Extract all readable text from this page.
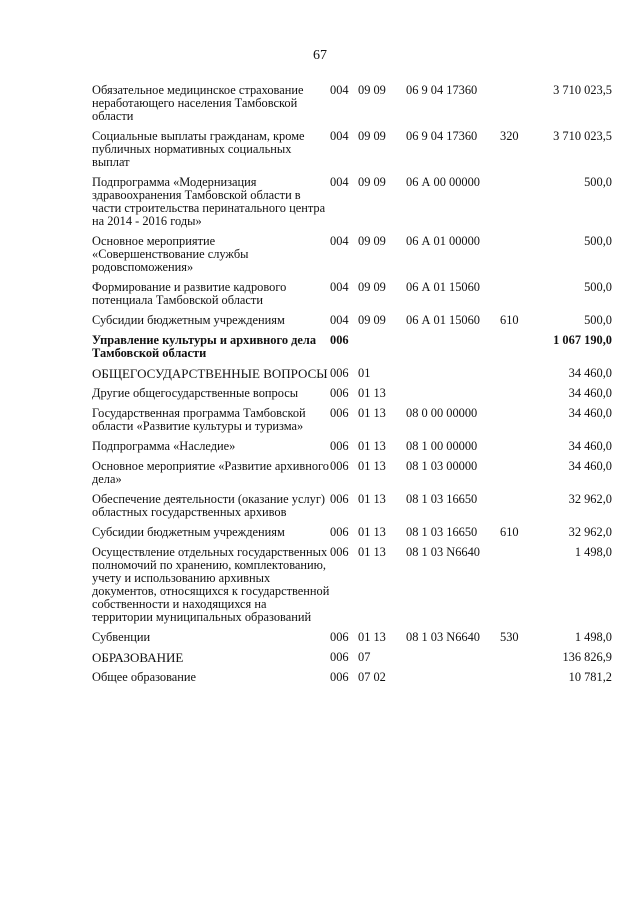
67
Обязательное медицинское страхование неработающего населения Тамбовской области	004	09 09	06 9 04 17360		3 710 023,5
Социальные выплаты гражданам, кроме публичных нормативных социальных выплат	004	09 09	06 9 04 17360	320	3 710 023,5
Подпрограмма «Модернизация здравоохранения Тамбовской области в части строительства перинатального центра на 2014 - 2016 годы»	004	09 09	06 А 00 00000		500,0
Основное мероприятие «Совершенствование службы родовспоможения»	004	09 09	06 А 01 00000		500,0
Формирование и развитие кадрового потенциала Тамбовской области	004	09 09	06 А 01 15060		500,0
Субсидии бюджетным учреждениям	004	09 09	06 А 01 15060	610	500,0
Управление культуры и архивного дела Тамбовской области	006				1 067 190,0
ОБЩЕГОСУДАРСТВЕННЫЕ ВОПРОСЫ	006	01			34 460,0
Другие общегосударственные вопросы	006	01 13			34 460,0
Государственная программа Тамбовской области «Развитие культуры и туризма»	006	01 13	08 0 00 00000		34 460,0
Подпрограмма «Наследие»	006	01 13	08 1 00 00000		34 460,0
Основное мероприятие «Развитие архивного дела»	006	01 13	08 1 03 00000		34 460,0
Обеспечение деятельности (оказание услуг) областных государственных архивов	006	01 13	08 1 03 16650		32 962,0
Субсидии бюджетным учреждениям	006	01 13	08 1 03 16650	610	32 962,0
Осуществление отдельных государственных полномочий по хранению, комплектованию, учету и использованию архивных документов, относящихся к государственной собственности и находящихся на территории муниципальных образований	006	01 13	08 1 03 N6640		1 498,0
Субвенции	006	01 13	08 1 03 N6640	530	1 498,0
ОБРАЗОВАНИЕ	006	07			136 826,9
Общее образование	006	07 02			10 781,2
